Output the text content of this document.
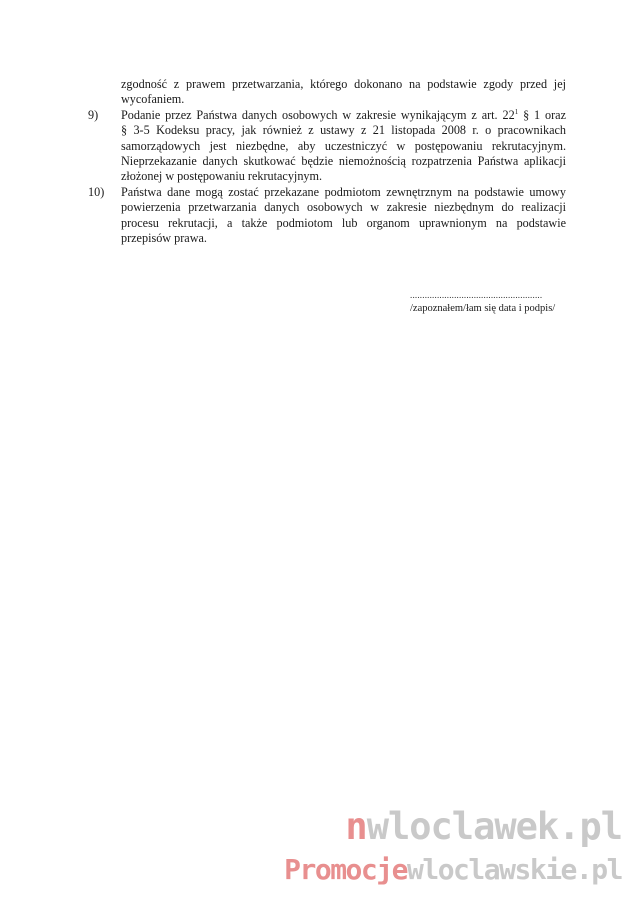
zgodność z prawem przetwarzania, którego dokonano na podstawie zgody przed jej
wycofaniem.
9) Podanie przez Państwa danych osobowych w zakresie wynikającym z art. $22^1$ § 1 oraz
§ 3-5 Kodeksu pracy, jak również z ustawy z 21 listopada 2008 r. o pracownikach
samorządowych jest niezbędne, aby uczestniczyć w postępowaniu rekrutacyjnym.
Nieprzekazanie danych skutkować będzie niemożnością rozpatrzenia Państwa aplikacji
złożonej w postępowaniu rekrutacyjnym.
10) Państwa dane mogą zostać przekazane podmiotom zewnętrznym na podstawie umowy
powierzenia przetwarzania danych osobowych w zakresie niezbędnym do realizacji
procesu rekrutacji, a także podmiotom lub organom uprawnionym na podstawie
przepisów prawa.
......................................................
/zapoznałem/łam się data i podpis/
nwloclawek.pl
Promocjewloclawskie.pl
